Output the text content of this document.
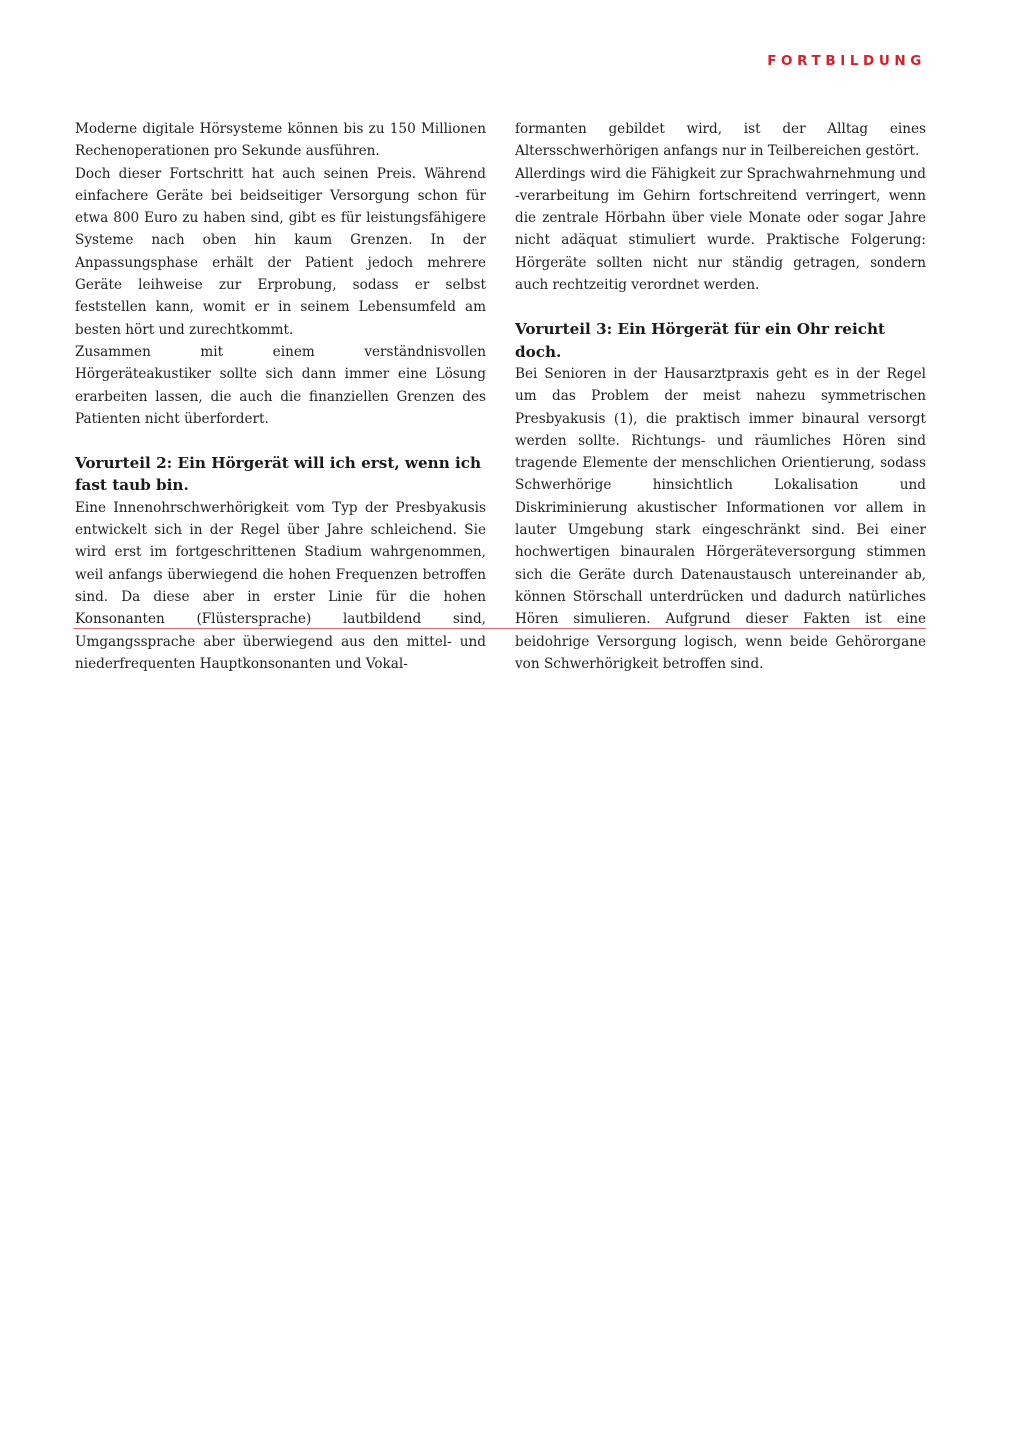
FORTBILDUNG

Moderne digitale Hörsysteme können bis zu 150 Millionen Rechenoperationen pro Sekunde ausführen.

Doch dieser Fortschritt hat auch seinen Preis. Während einfachere Geräte bei beidseitiger Versorgung schon für etwa 800 Euro zu haben sind, gibt es für leistungsfähigere Systeme nach oben hin kaum Grenzen. In der Anpassungsphase erhält der Patient jedoch mehrere Geräte leihweise zur Erprobung, sodass er selbst feststellen kann, womit er in seinem Lebensumfeld am besten hört und zurechtkommt.

Zusammen mit einem verständnisvollen Hörgeräteakustiker sollte sich dann immer eine Lösung erarbeiten lassen, die auch die finanziellen Grenzen des Patienten nicht überfordert.

Vorurteil 2: Ein Hörgerät will ich erst, wenn ich fast taub bin.

Eine Innenohrschwerhörigkeit vom Typ der Presbyakusis entwickelt sich in der Regel über Jahre schleichend. Sie wird erst im fortgeschrittenen Stadium wahrgenommen, weil anfangs überwiegend die hohen Frequenzen betroffen sind. Da diese aber in erster Linie für die hohen Konsonanten (Flüstersprache) lautbildend sind, Umgangssprache aber überwiegend aus den mittel- und niederfrequenten Hauptkonsonanten und Vokal-

formanten gebildet wird, ist der Alltag eines Altersschwerhörigen anfangs nur in Teilbereichen gestört.

Allerdings wird die Fähigkeit zur Sprachwahrnehmung und -verarbeitung im Gehirn fortschreitend verringert, wenn die zentrale Hörbahn über viele Monate oder sogar Jahre nicht adäquat stimuliert wurde. Praktische Folgerung: Hörgeräte sollten nicht nur ständig getragen, sondern auch rechtzeitig verordnet werden.

Vorurteil 3: Ein Hörgerät für ein Ohr reicht doch.

Bei Senioren in der Hausarztpraxis geht es in der Regel um das Problem der meist nahezu symmetrischen Presbyakusis (1), die praktisch immer binaural versorgt werden sollte. Richtungs- und räumliches Hören sind tragende Elemente der menschlichen Orientierung, sodass Schwerhörige hinsichtlich Lokalisation und Diskriminierung akustischer Informationen vor allem in lauter Umgebung stark eingeschränkt sind. Bei einer hochwertigen binauralen Hörgeräteversorgung stimmen sich die Geräte durch Datenaustausch untereinander ab, können Störschall unterdrücken und dadurch natürliches Hören simulieren. Aufgrund dieser Fakten ist eine beidohrige Versorgung logisch, wenn beide Gehörorgane von Schwerhörigkeit betroffen sind.
